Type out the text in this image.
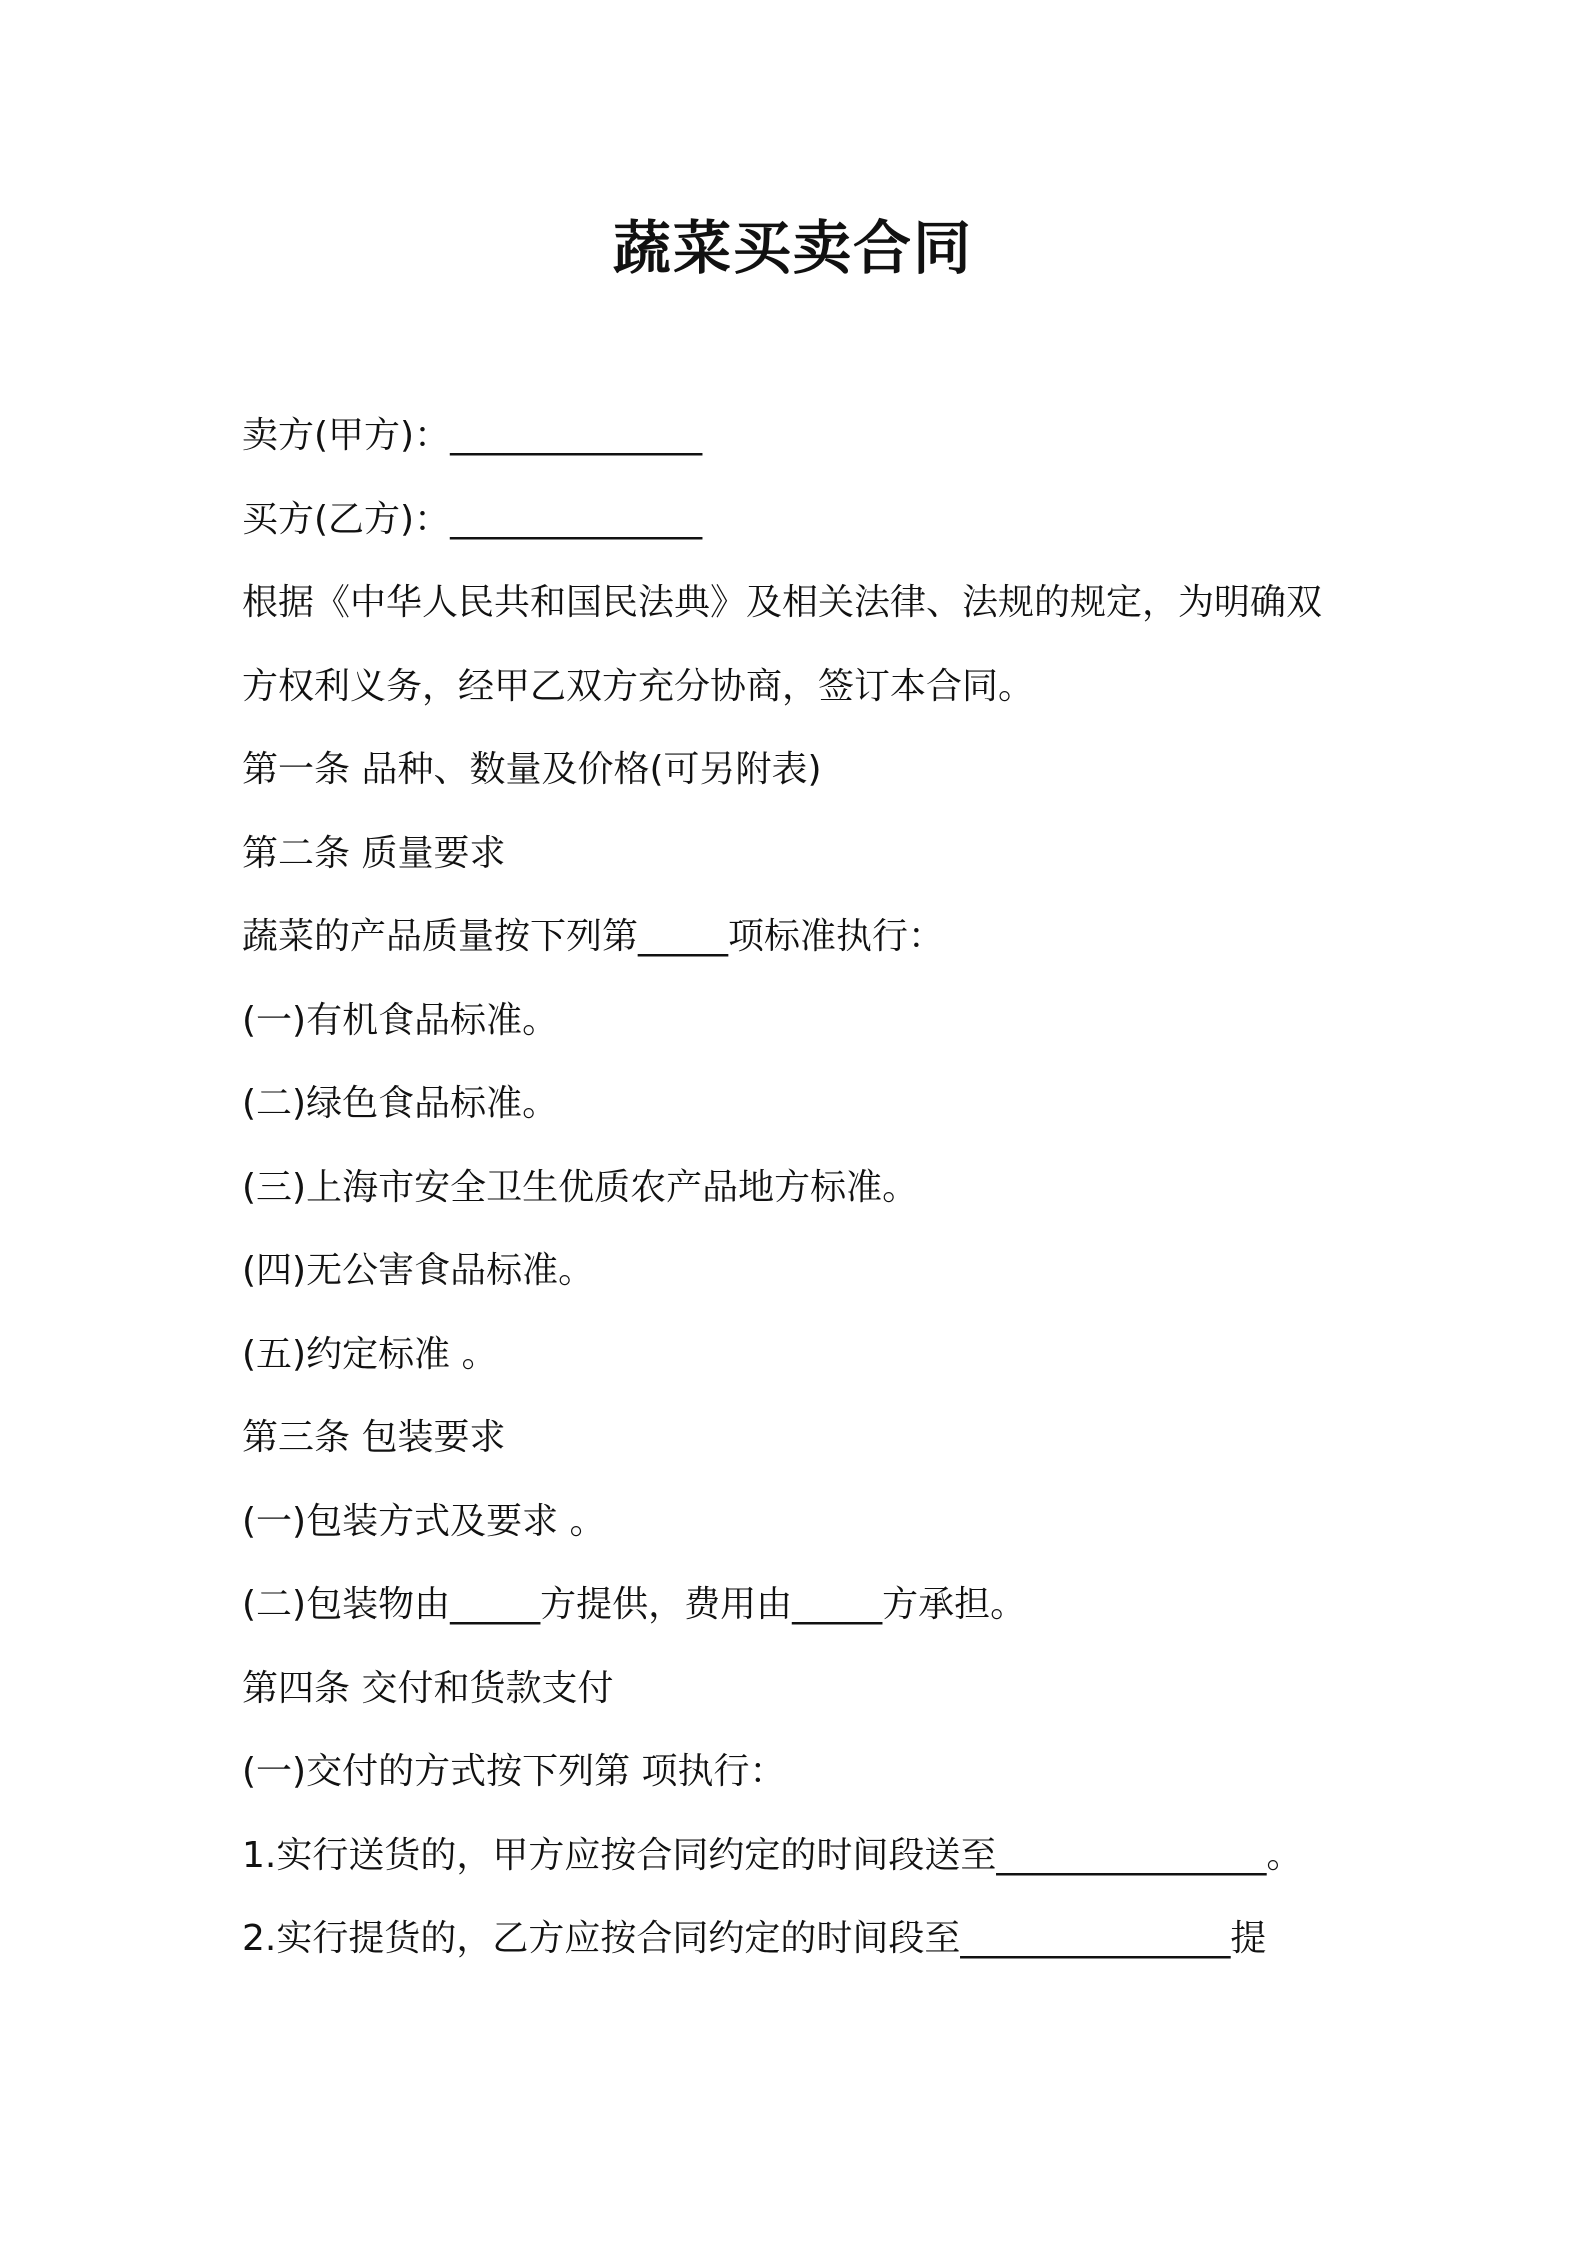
蔬菜买卖合同
卖方(甲方)：______________
买方(乙方)：______________
根据《中华人民共和国民法典》及相关法律、法规的规定，为明确双
方权利义务，经甲乙双方充分协商，签订本合同。
第一条 品种、数量及价格(可另附表)
第二条 质量要求
蔬菜的产品质量按下列第_____项标准执行：
(一)有机食品标准。
(二)绿色食品标准。
(三)上海市安全卫生优质农产品地方标准。
(四)无公害食品标准。
(五)约定标准 。
第三条 包装要求
(一)包装方式及要求 。
(二)包装物由_____方提供，费用由_____方承担。
第四条 交付和货款支付
(一)交付的方式按下列第 项执行：
1.实行送货的，甲方应按合同约定的时间段送至_______________。
2.实行提货的，乙方应按合同约定的时间段至_______________提
